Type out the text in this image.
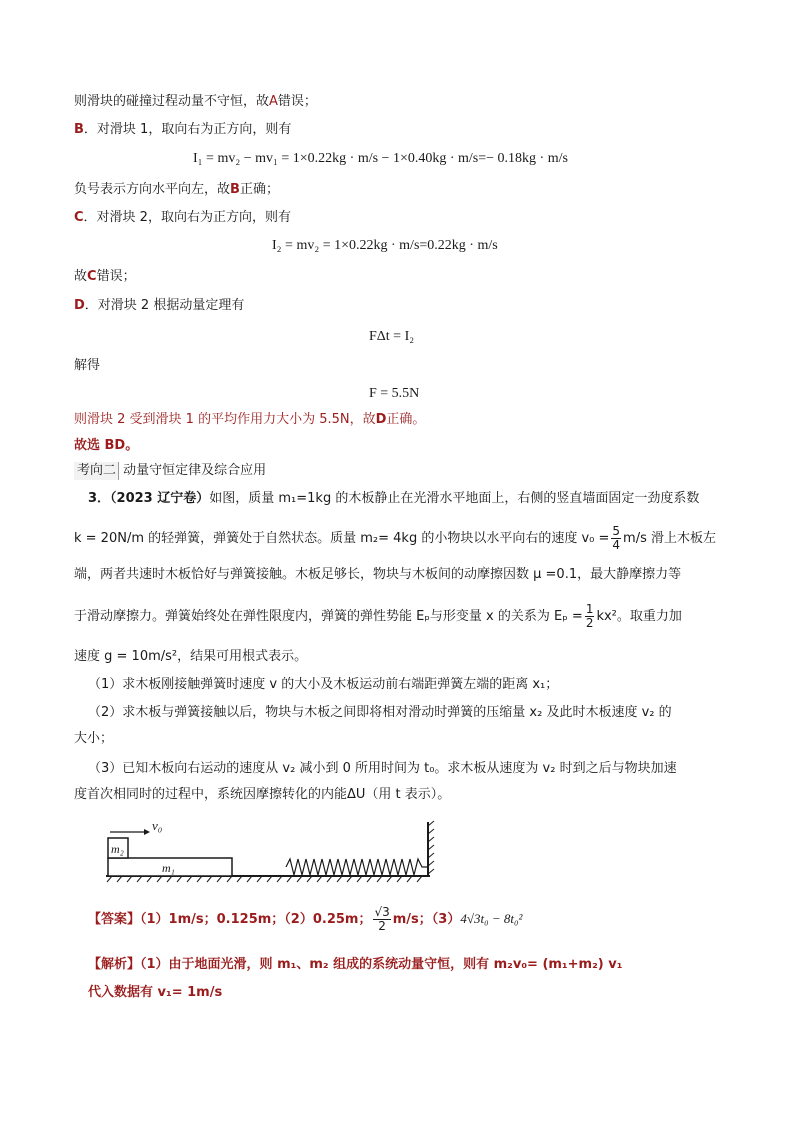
则滑块的碰撞过程动量不守恒，故A错误；
B．对滑块 1，取向右为正方向，则有
I₁ = mv₂ − mv₁ = 1×0.22kg · m/s − 1×0.40kg · m/s=− 0.18kg · m/s
负号表示方向水平向左，故B正确；
C．对滑块 2，取向右为正方向，则有
I₂ = mv₂ = 1×0.22kg · m/s=0.22kg · m/s
故C错误；
D．对滑块 2 根据动量定理有
FΔt = I₂
解得
F = 5.5N
则滑块 2 受到滑块 1 的平均作用力大小为 5.5N，故D正确。
故选 BD。
考向二 动量守恒定律及综合应用
3．（2023 辽宁卷）如图，质量 m₁=1kg 的木板静止在光滑水平地面上，右侧的竖直墙面固定一劲度系数
k = 20N/m 的轻弹簧，弹簧处于自然状态。质量 m₂= 4kg 的小物块以水平向右的速度 $v_0 = \frac{5}{4} m/s$ 滑上木板左
端，两者共速时木板恰好与弹簧接触。木板足够长，物块与木板间的动摩擦因数 μ =0.1，最大静摩擦力等
于滑动摩擦力。弹簧始终处在弹性限度内，弹簧的弹性势能 Eₚ与形变量 x 的关系为 $E_p = \frac{1}{2} kx^2$。取重力加
速度 g = 10m/s²，结果可用根式表示。
（1）求木板刚接触弹簧时速度 v 的大小及木板运动前右端距弹簧左端的距离 x₁；
（2）求木板与弹簧接触以后，物块与木板之间即将相对滑动时弹簧的压缩量 x₂ 及此时木板速度 v₂ 的
大小；
（3）已知木板向右运动的速度从 v₂ 减小到 0 所用时间为 t₀。求木板从速度为 v₂ 时到之后与物块加速
度首次相同时的过程中，系统因摩擦转化的内能ΔU（用 t 表示）。
v₀
m₂
m₁
【答案】（1）1m/s；0.125m；（2）0.25m； $\frac{√3}{2} m/s$；（3）4√3t₀ − 8t₀²
【解析】（1）由于地面光滑，则 m₁、m₂ 组成的系统动量守恒，则有 m₂v₀= (m₁+m₂) v₁
代入数据有 v₁= 1m/s
